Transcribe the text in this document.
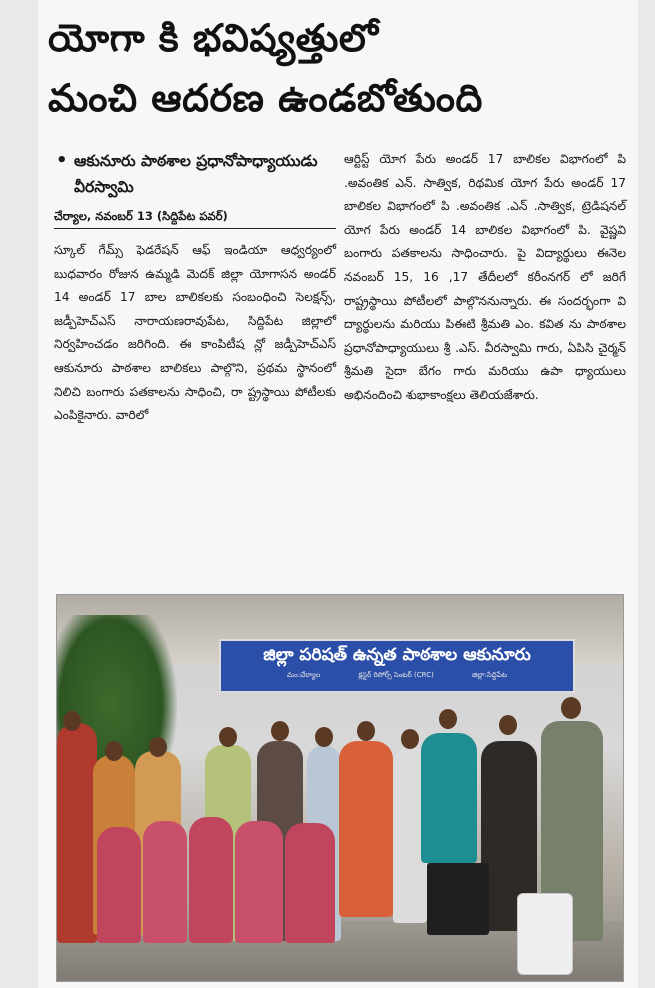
యోగా కి భవిష్యత్తులో
మంచి ఆదరణ ఉండబోతుంది
• ఆకునూరు పాఠశాల ప్రధానోపాధ్యాయుడు వీరస్వామి
చేర్యాల, నవంబర్ 13 (సిద్దిపేట పవర్)
స్కూల్ గేమ్స్ ఫెడరేషన్ ఆఫ్ ఇండియా ఆధ్వర్యంలో బుధవారం రోజున ఉమ్మడి మెదక్ జిల్లా యోగాసన అండర్ 14 అండర్ 17 బాల బాలికలకు సంబంధించి సెలక్షన్స్, జడ్పీహెచ్ఎస్ నారాయణరావుపేట, సిద్దిపేట జిల్లాలో నిర్వహించడం జరిగింది. ఈ కాంపిటీష న్లో జడ్పీహెచ్ఎస్ ఆకునూరు పాఠశాల బాలికలు పాల్గొని, ప్రథమ స్థానంలో నిలిచి బంగారు పతకాలను సాధించి, రా ష్ట్రస్థాయి పోటీలకు ఎంపికైనారు. వారిలో
ఆర్టిస్ట్ యోగ పేరు అండర్ 17 బాలికల విభాగంలో పి .అవంతిక ఎన్. సాత్విక, రిథమిక యోగ పేరు అండర్ 17 బాలికల విభాగంలో పి .అవంతిక .ఎన్ .సాత్విక, ట్రెడిషనల్ యోగ పేరు అండర్ 14 బాలికల విభాగంలో పి. వైష్ణవి బంగారు పతకాలను సాధించారు. పై విద్యార్థులు ఈనెల నవంబర్ 15, 16 ,17 తేదీలలో కరీంనగర్ లో జరిగే రాష్ట్రస్థాయి పోటీలలో పాల్గొననున్నారు. ఈ సందర్భంగా వి ద్యార్థులను మరియు పిఈటి శ్రీమతి ఎం. కవిత ను పాఠశాల ప్రధానోపాధ్యాయులు శ్రీ .ఎస్. వీరస్వామి గారు, ఏపిసి చైర్మన్ శ్రీమతి సైదా బేగం గారు మరియు ఉపా ధ్యాయులు అభినందించి శుభాకాంక్షలు తెలియజేశారు.
జిల్లా పరిషత్ ఉన్నత పాఠశాల ఆకునూరు
మం:చేర్యాల	క్లస్టర్ రిసోర్స్ సెంటర్ (CRC)	జిల్లా:సిద్దిపేట
